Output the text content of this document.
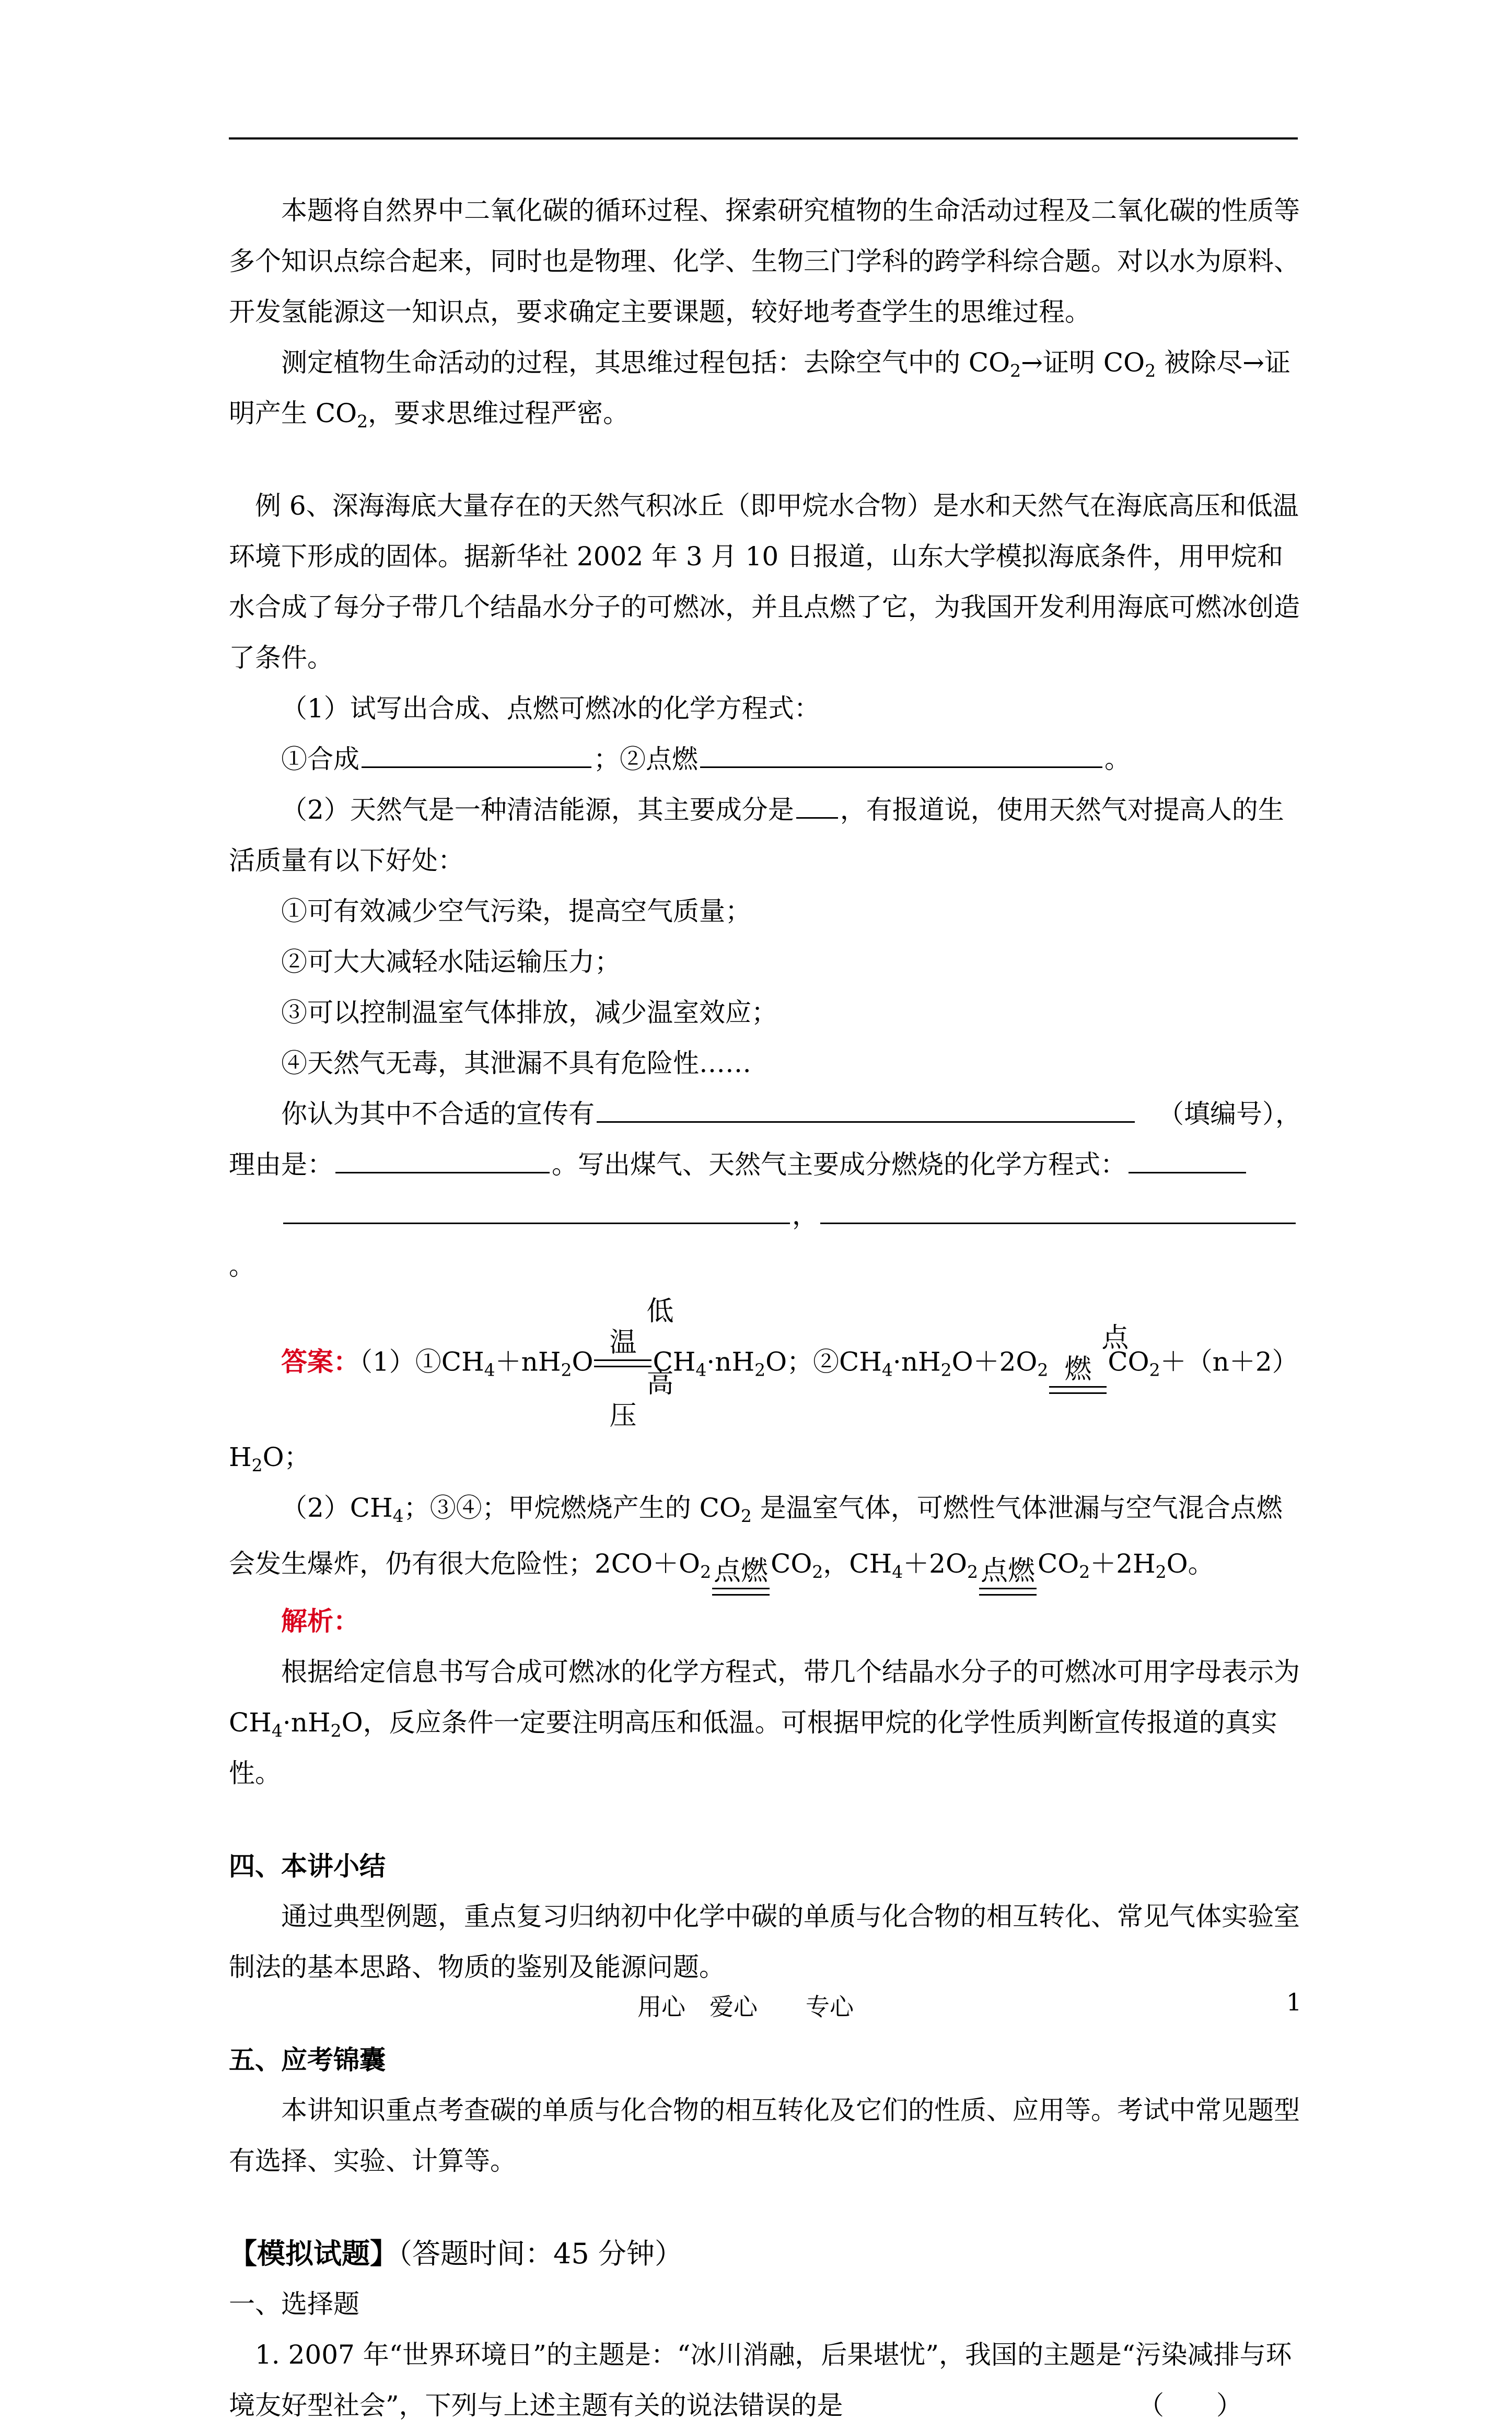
本题将自然界中二氧化碳的循环过程、探索研究植物的生命活动过程及二氧化碳的性质等多个知识点综合起来，同时也是物理、化学、生物三门学科的跨学科综合题。对以水为原料、开发氢能源这一知识点，要求确定主要课题，较好地考查学生的思维过程。

测定植物生命活动的过程，其思维过程包括：去除空气中的 $CO_2\to$证明 $CO_2$ 被除尽→证明产生 $CO_2$，要求思维过程严密。

例 6、深海海底大量存在的天然气积冰丘（即甲烷水合物）是水和天然气在海底高压和低温环境下形成的固体。据新华社 2002 年 3 月 10 日报道，山东大学模拟海底条件，用甲烷和水合成了每分子带几个结晶水分子的可燃冰，并且点燃了它，为我国开发利用海底可燃冰创造了条件。

（1）试写出合成、点燃可燃冰的化学方程式：

①合成	；②点燃	。

（2）天然气是一种清洁能源，其主要成分是 ，有报道说，使用天然气对提高人的生活质量有以下好处：

①可有效减少空气污染，提高空气质量；

②可大大减轻水陆运输压力；

③可以控制温室气体排放，减少温室效应；

④天然气无毒，其泄漏不具有危险性……

你认为其中不合适的宣传有	（填编号），

理由是：	。写出煤气、天然气主要成分燃烧的化学方程式：

，。

答案：$(1)①CH_4+nH_2O$
低温
高压
$CH_4\cdot nH_2O$；$②CH_4\cdot nH_2O+2O_2$
点燃 $CO_2+(n+2)$

$H_2O$；

$(2)CH_4$；③④；甲烷燃烧产生的 $CO_2$ 是温室气体，可燃性气体泄漏与空气混合点燃

会发生爆炸，仍有很大危险性；$2CO+O_2$ 点燃 $CO_2$，$CH_4+2O_2$ 点燃 $CO_2+2H_2O$。

解析：

根据给定信息书写合成可燃冰的化学方程式，带几个结晶水分子的可燃冰可用字母表示为 $CH_4\cdot nH_2O$，反应条件一定要注明高压和低温。可根据甲烷的化学性质判断宣传报道的真实性。

四、本讲小结

通过典型例题，重点复习归纳初中化学中碳的单质与化合物的相互转化、常见气体实验室制法的基本思路、物质的鉴别及能源问题。

五、应考锦囊

本讲知识重点考查碳的单质与化合物的相互转化及它们的性质、应用等。考试中常见题型有选择、实验、计算等。

【模拟试题】（答题时间：45 分钟）

一、选择题

1. 2007 年“世界环境日”的主题是：“冰川消融，后果堪忧”，我国的主题是“污染减排与环境友好型社会”，下列与上述主题有关的说法错误的是	（　　）

用心　爱心　　专心	1
